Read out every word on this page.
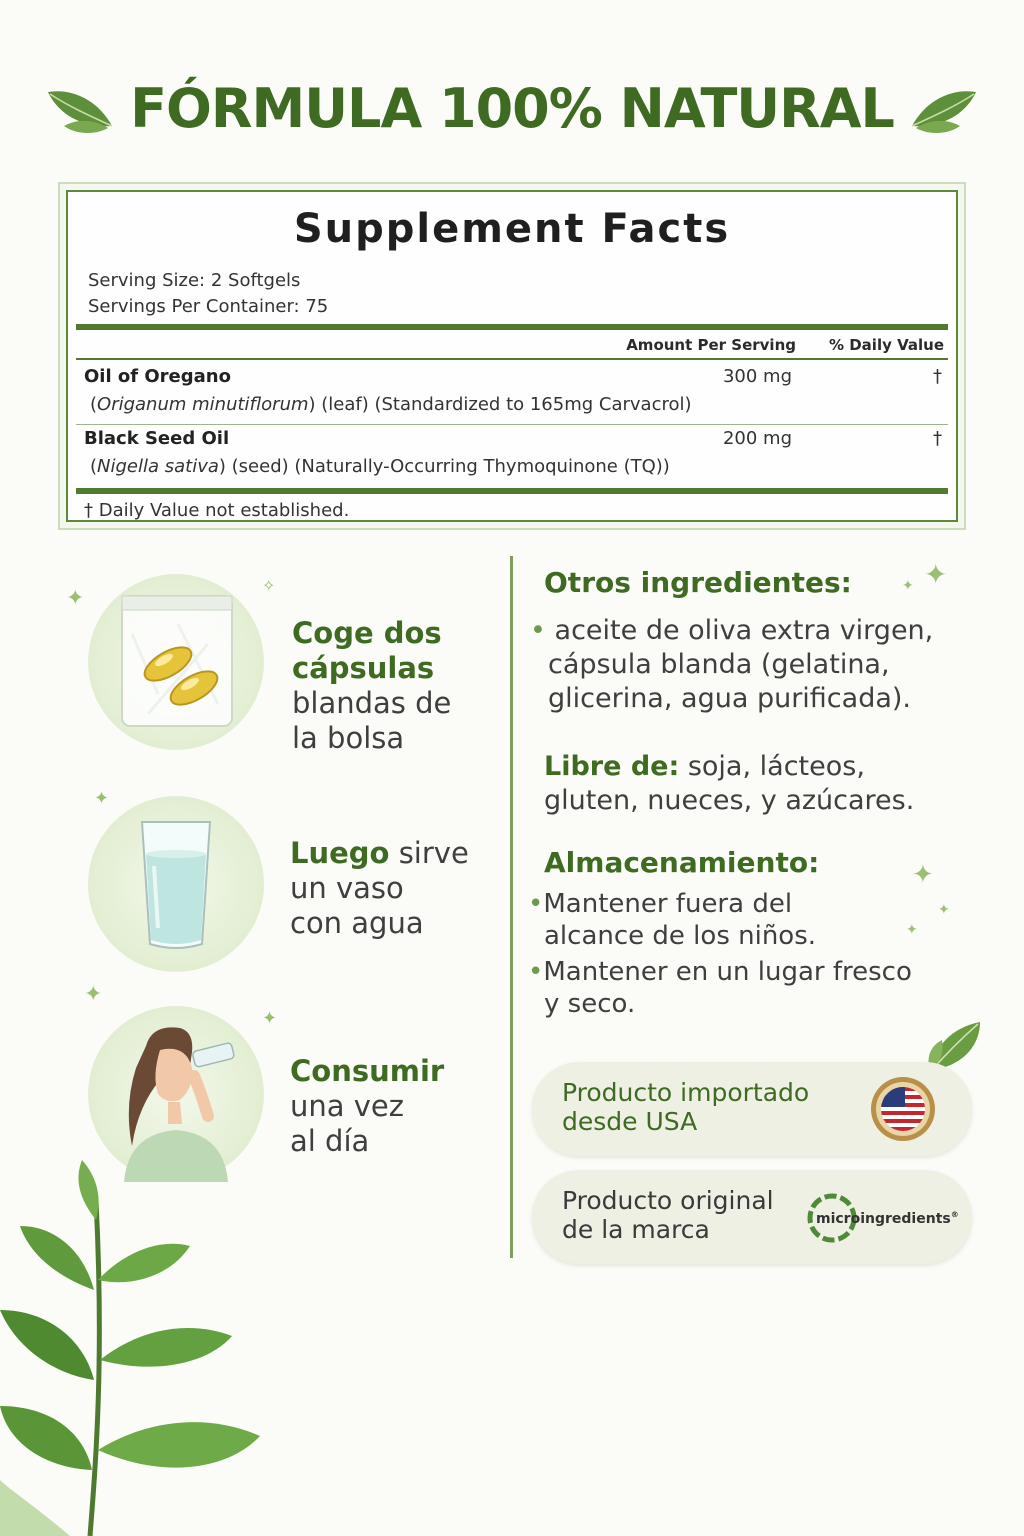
FÓRMULA 100% NATURAL
Supplement Facts
Serving Size: 2 Softgels
Servings Per Container: 75
Amount Per Serving % Daily Value
Oil of Oregano	300 mg	†
(Origanum minutiflorum) (leaf) (Standardized to 165mg Carvacrol)
Black Seed Oil	200 mg	†
(Nigella sativa) (seed) (Naturally-Occurring Thymoquinone (TQ))
† Daily Value not established.
✦
✧
✦
✦
✦
✦
✦
✦
✦
✦
Coge dos
cápsulas
blandas de
la bolsa
Luego sirve
un vaso
con agua
Consumir
una vez
al día
Otros ingredientes:
• aceite de oliva extra virgen,
cápsula blanda (gelatina,
glicerina, agua purificada).
Libre de: soja, lácteos,
gluten, nueces, y azúcares.
Almacenamiento:
•Mantener fuera del
alcance de los niños.
•Mantener en un lugar fresco
y seco.
Producto importado
desde USA
Producto original
de la marca	microingredients®
